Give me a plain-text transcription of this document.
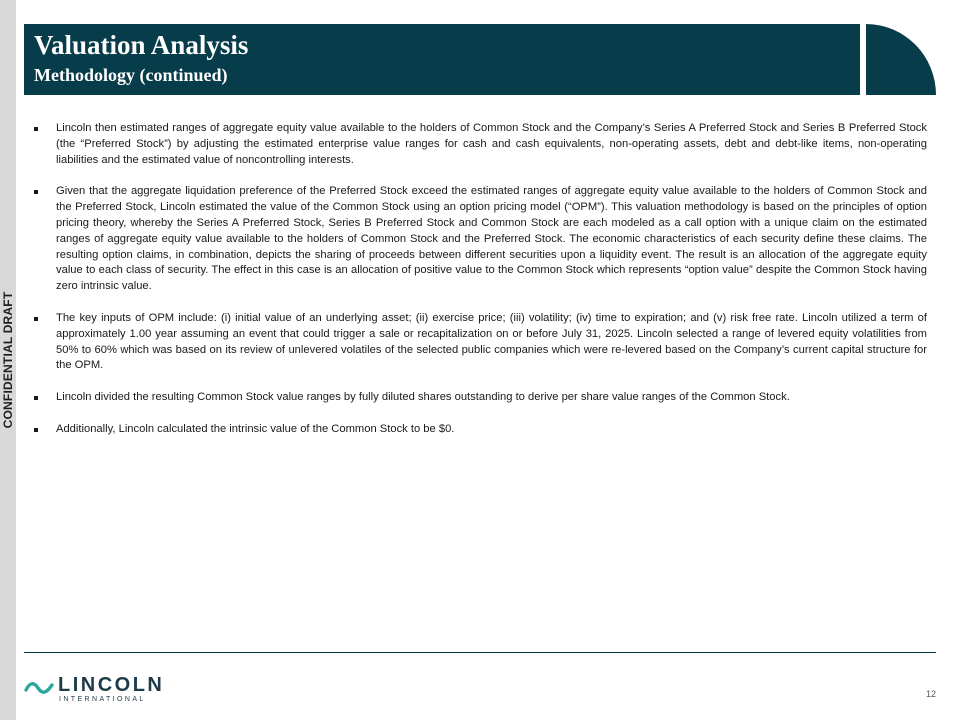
CONFIDENTIAL DRAFT
Valuation Analysis
Methodology (continued)
Lincoln then estimated ranges of aggregate equity value available to the holders of Common Stock and the Company’s Series A Preferred Stock and Series B Preferred Stock (the “Preferred Stock”) by adjusting the estimated enterprise value ranges for cash and cash equivalents, non-operating assets, debt and debt-like items, non-operating liabilities and the estimated value of noncontrolling interests.
Given that the aggregate liquidation preference of the Preferred Stock exceed the estimated ranges of aggregate equity value available to the holders of Common Stock and the Preferred Stock, Lincoln estimated the value of the Common Stock using an option pricing model (“OPM”). This valuation methodology is based on the principles of option pricing theory, whereby the Series A Preferred Stock, Series B Preferred Stock and Common Stock are each modeled as a call option with a unique claim on the estimated ranges of aggregate equity value available to the holders of Common Stock and the Preferred Stock. The economic characteristics of each security define these claims. The resulting option claims, in combination, depicts the sharing of proceeds between different securities upon a liquidity event. The result is an allocation of the aggregate equity value to each class of security. The effect in this case is an allocation of positive value to the Common Stock which represents “option value” despite the Common Stock having zero intrinsic value.
The key inputs of OPM include: (i) initial value of an underlying asset; (ii) exercise price; (iii) volatility; (iv) time to expiration; and (v) risk free rate. Lincoln utilized a term of approximately 1.00 year assuming an event that could trigger a sale or recapitalization on or before July 31, 2025. Lincoln selected a range of levered equity volatilities from 50% to 60% which was based on its review of unlevered volatiles of the selected public companies which were re-levered based on the Company’s current capital structure for the OPM.
Lincoln divided the resulting Common Stock value ranges by fully diluted shares outstanding to derive per share value ranges of the Common Stock.
Additionally, Lincoln calculated the intrinsic value of the Common Stock to be $0.
LINCOLN
INTERNATIONAL
12
